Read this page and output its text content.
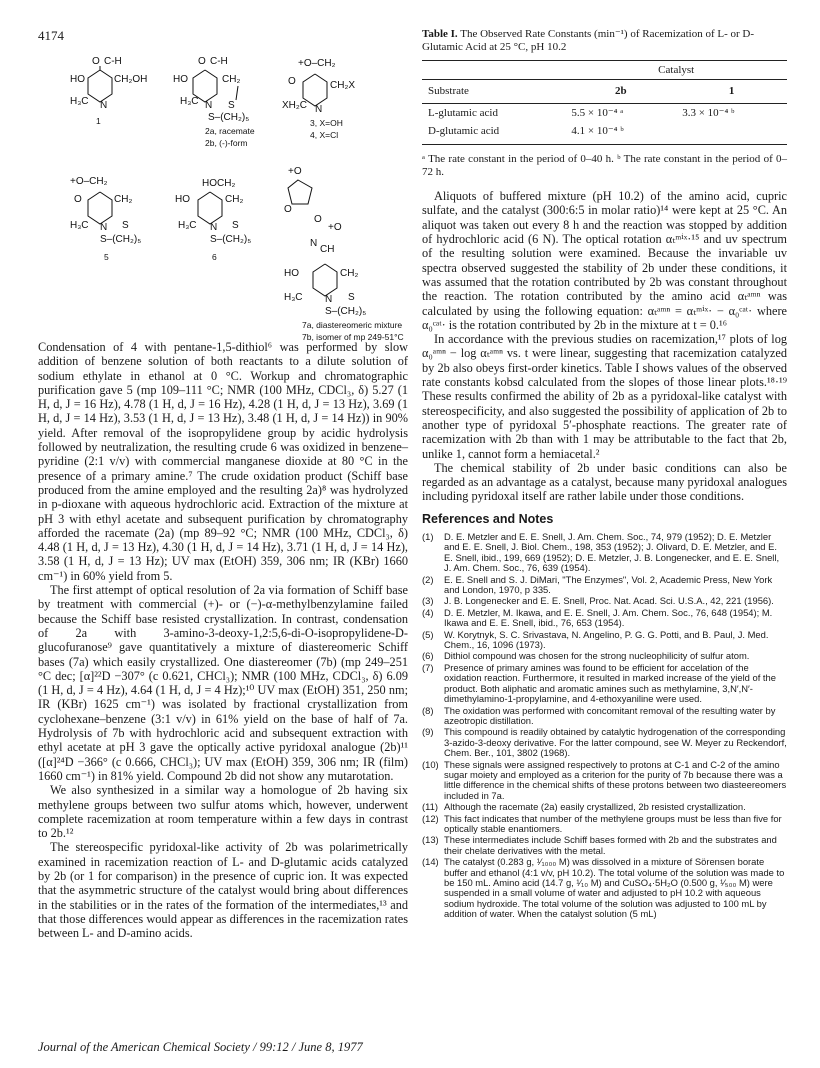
4174
O C-H
HO	CH₂OH
H₃C N
1
O C-H
HO	CH₂
H₃C N S
S–(CH₂)₅
2a, racemate
2b, (-)-form
+O–CH₂
O	CH₂X
XH₂C N
3, X=OH
4, X=Cl
+O–CH₂
O	CH₂
H₃C N S
S–(CH₂)₅
5
HOCH₂
HO	CH₂
H₃C N S
S–(CH₂)₅
6
+O
O
O
+O
N
CH
HO	CH₂
H₃C N S
S–(CH₂)₅
7a, diastereomeric mixture
7b, isomer of mp 249-51°C

Condensation of 4 with pentane-1,5-dithiol⁶ was performed by slow addition of benzene solution of both reactants to a dilute solution of sodium ethylate in ethanol at 0 °C. Workup and chromatographic purification gave 5 (mp 109–111 °C; NMR (100 MHz, CDCl₃, δ) 5.27 (1 H, d, J = 16 Hz), 4.78 (1 H, d, J = 16 Hz), 4.28 (1 H, d, J = 13 Hz), 3.69 (1 H, d, J = 14 Hz), 3.53 (1 H, d, J = 13 Hz), 3.48 (1 H, d, J = 14 Hz)) in 90% yield. After removal of the isopropylidene group by acidic hydrolysis followed by neutralization, the resulting crude 6 was oxidized in benzene–pyridine (2:1 v/v) with commercial manganese dioxide at 80 °C in the presence of a primary amine.⁷ The crude oxidation product (Schiff base produced from the amine employed and the resulting 2a)⁸ was hydrolyzed in p-dioxane with aqueous hydrochloric acid. Extraction of the mixture at pH 3 with ethyl acetate and subsequent purification by chromatography afforded the racemate (2a) (mp 89–92 °C; NMR (100 MHz, CDCl₃, δ) 4.48 (1 H, d, J = 13 Hz), 4.30 (1 H, d, J = 14 Hz), 3.71 (1 H, d, J = 14 Hz), 3.58 (1 H, d, J = 13 Hz); UV max (EtOH) 359, 306 nm; IR (KBr) 1660 cm⁻¹) in 60% yield from 5.

The first attempt of optical resolution of 2a via formation of Schiff base by treatment with commercial (+)- or (−)-α-methylbenzylamine failed because the Schiff base resisted crystallization. In contrast, condensation of 2a with 3-amino-3-deoxy-1,2:5,6-di-O-isopropylidene-D-glucofuranose⁹ gave quantitatively a mixture of diastereomeric Schiff bases (7a) which easily crystallized. One diastereomer (7b) (mp 249–251 °C dec; [α]²²D −307° (c 0.621, CHCl₃); NMR (100 MHz, CDCl₃, δ) 6.09 (1 H, d, J = 4 Hz), 4.64 (1 H, d, J = 4 Hz);¹⁰ UV max (EtOH) 351, 250 nm; IR (KBr) 1625 cm⁻¹) was isolated by fractional crystallization from cyclohexane–benzene (3:1 v/v) in 61% yield on the base of half of 7a. Hydrolysis of 7b with hydrochloric acid and subsequent extraction with ethyl acetate at pH 3 gave the optically active pyridoxal analogue (2b)¹¹ ([α]²⁴D −366° (c 0.666, CHCl₃); UV max (EtOH) 359, 306 nm; IR (film) 1660 cm⁻¹) in 81% yield. Compound 2b did not show any mutarotation.

We also synthesized in a similar way a homologue of 2b having six methylene groups between two sulfur atoms which, however, underwent complete racemization at room temperature within a few days in contrast to 2b.¹²

The stereospecific pyridoxal-like activity of 2b was polarimetrically examined in racemization reaction of L- and D-glutamic acids catalyzed by 2b (or 1 for comparison) in the presence of cupric ion. It was expected that the asymmetric structure of the catalyst would bring about differences in the stabilities or in the rates of the formation of the intermediates,¹³ and that those differences would appear as differences in the racemization rates between L- and D-amino acids.

Table I. The Observed Rate Constants (min⁻¹) of Racemization of L- or D-Glutamic Acid at 25 °C, pH 10.2

	Catalyst	
Substrate	2b	1
L-glutamic acid	5.5 × 10⁻⁴ ᵃ	3.3 × 10⁻⁴ ᵇ
D-glutamic acid	4.1 × 10⁻⁴ ᵇ	
ᵃ The rate constant in the period of 0–40 h. ᵇ The rate constant in the period of 0–72 h.

Aliquots of buffered mixture (pH 10.2) of the amino acid, cupric sulfate, and the catalyst (300:6:5 in molar ratio)¹⁴ were kept at 25 °C. An aliquot was taken out every 8 h and the reaction was stopped by addition of hydrochloric acid (6 N). The optical rotation αₜᵐⁱˣ·¹⁵ and uv spectrum of the resulting solution were examined. Because the invariable uv spectra observed suggested the stability of 2b under these conditions, it was assumed that the rotation contributed by 2b was constant throughout the reaction. The rotation contributed by the amino acid αₜᵃᵐⁿ was calculated by using the following equation: αₜᵃᵐⁿ = αₜᵐⁱˣ· − α₀ᶜᵃᵗ· where α₀ᶜᵃᵗ· is the rotation contributed by 2b in the mixture at t = 0.¹⁶

In accordance with the previous studies on racemization,¹⁷ plots of log α₀ᵃᵐⁿ − log αₜᵃᵐⁿ vs. t were linear, suggesting that racemization catalyzed by 2b also obeys first-order kinetics. Table I shows values of the observed rate constants kobsd calculated from the slopes of those linear plots.¹⁸·¹⁹ These results confirmed the ability of 2b as a pyridoxal-like catalyst with stereospecificity, and also suggested the possibility of application of 2b to another type of pyridoxal 5′-phosphate reactions. The greater rate of racemization with 2b than with 1 may be attributable to the fact that 2b, unlike 1, cannot form a hemiacetal.²

The chemical stability of 2b under basic conditions can also be regarded as an advantage as a catalyst, because many pyridoxal analogues including pyridoxal itself are rather labile under those conditions.

References and Notes
(1)	D. E. Metzler and E. E. Snell, J. Am. Chem. Soc., 74, 979 (1952); D. E. Metzler and E. E. Snell, J. Biol. Chem., 198, 353 (1952); J. Olivard, D. E. Metzler, and E. E. Snell, ibid., 199, 669 (1952); D. E. Metzler, J. B. Longenecker, and E. E. Snell, J. Am. Chem. Soc., 76, 639 (1954).
(2)	E. E. Snell and S. J. DiMari, "The Enzymes", Vol. 2, Academic Press, New York and London, 1970, p 335.
(3)	J. B. Longenecker and E. E. Snell, Proc. Nat. Acad. Sci. U.S.A., 42, 221 (1956).
(4)	D. E. Metzler, M. Ikawa, and E. E. Snell, J. Am. Chem. Soc., 76, 648 (1954); M. Ikawa and E. E. Snell, ibid., 76, 653 (1954).
(5)	W. Korytnyk, S. C. Srivastava, N. Angelino, P. G. G. Potti, and B. Paul, J. Med. Chem., 16, 1096 (1973).
(6)	Dithiol compound was chosen for the strong nucleophilicity of sulfur atom.
(7)	Presence of primary amines was found to be efficient for accelation of the oxidation reaction. Furthermore, it resulted in marked increase of the yield of the product. Both aliphatic and aromatic amines such as methylamine, 3,N′,N′-dimethylamino-1-propylamine, and 4-ethoxyaniline were used.
(8)	The oxidation was performed with concomitant removal of the resulting water by azeotropic distillation.
(9)	This compound is readily obtained by catalytic hydrogenation of the corresponding 3-azido-3-deoxy derivative. For the latter compound, see W. Meyer zu Reckendorf, Chem. Ber., 101, 3802 (1968).
(10) These signals were assigned respectively to protons at C-1 and C-2 of the amino sugar moiety and employed as a criterion for the purity of 7b because there was a little difference in the chemical shifts of these protons between two diasteereomers included in 7a.
(11) Although the racemate (2a) easily crystallized, 2b resisted crystallization.
(12) This fact indicates that number of the methylene groups must be less than five for optically stable enantiomers.
(13) These intermediates include Schiff bases formed with 2b and the substrates and their chelate derivatives with the metal.
(14) The catalyst (0.283 g, ¹⁄₁₀₀₀ M) was dissolved in a mixture of Sörensen borate buffer and ethanol (4:1 v/v, pH 10.2). The total volume of the solution was made to be 150 mL. Amino acid (14.7 g, ¹⁄₁₀ M) and CuSO₄·5H₂O (0.500 g, ¹⁄₅₀₀ M) were suspended in a small volume of water and adjusted to pH 10.2 with aqueous sodium hydroxide. The total volume of the solution was adjusted to 100 mL by addition of water. When the catalyst solution (5 mL)
Journal of the American Chemical Society / 99:12 / June 8, 1977
